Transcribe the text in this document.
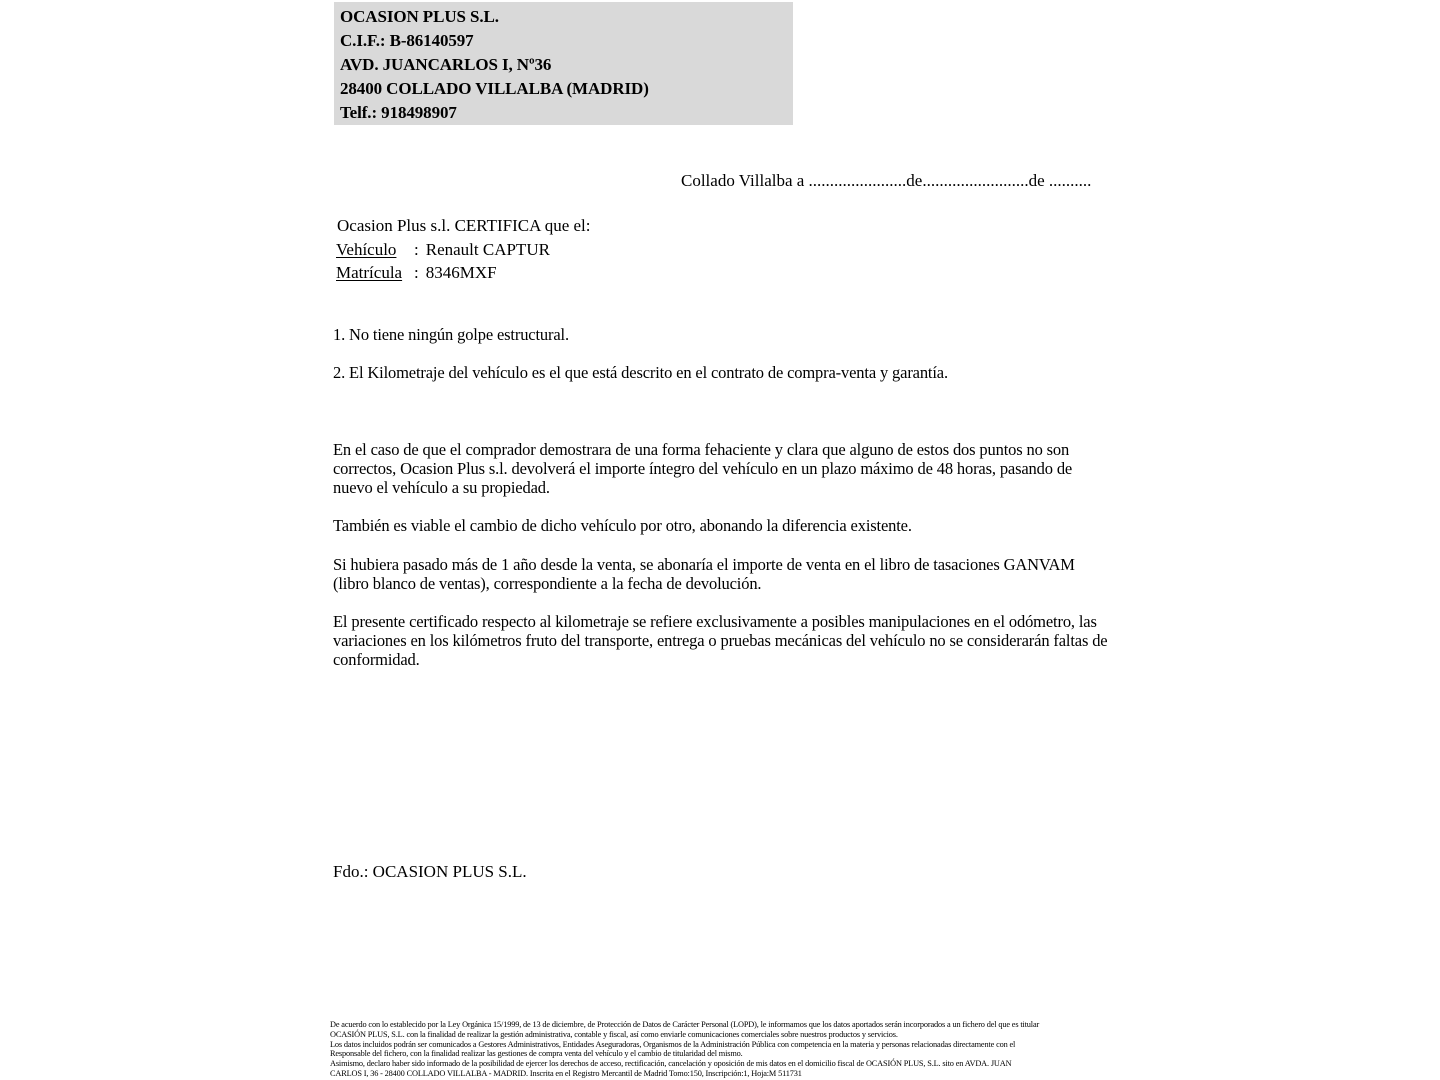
OCASION PLUS S.L.
C.I.F.: B-86140597
AVD. JUANCARLOS I, Nº36
28400 COLLADO VILLALBA (MADRID)
Telf.: 918498907
Collado Villalba a .......................de.........................de ..........
Ocasion Plus s.l. CERTIFICA que el:
Vehículo : Renault CAPTUR
Matrícula : 8346MXF
1. No tiene ningún golpe estructural.
2. El Kilometraje del vehículo es el que está descrito en el contrato de compra-venta y garantía.
En el caso de que el comprador demostrara de una forma fehaciente y clara que alguno de estos dos puntos no son correctos, Ocasion Plus s.l. devolverá el importe íntegro del vehículo en un plazo máximo de 48 horas, pasando de nuevo el vehículo a su propiedad.
También es viable el cambio de dicho vehículo por otro, abonando la diferencia existente.
Si hubiera pasado más de 1 año desde la venta, se abonaría el importe de venta en el libro de tasaciones GANVAM (libro blanco de ventas), correspondiente a la fecha de devolución.
El presente certificado respecto al kilometraje se refiere exclusivamente a posibles manipulaciones en el odómetro, las variaciones en los kilómetros fruto del transporte, entrega o pruebas mecánicas del vehículo no se considerarán faltas de conformidad.
Fdo.: OCASION PLUS S.L.
De acuerdo con lo establecido por la Ley Orgánica 15/1999, de 13 de diciembre, de Protección de Datos de Carácter Personal (LOPD), le informamos que los datos aportados serán incorporados a un fichero del que es titular
OCASIÓN PLUS, S.L. con la finalidad de realizar la gestión administrativa, contable y fiscal, así como enviarle comunicaciones comerciales sobre nuestros productos y servicios.
Los datos incluidos podrán ser comunicados a Gestores Administrativos, Entidades Aseguradoras, Organismos de la Administración Pública con competencia en la materia y personas relacionadas directamente con el
Responsable del fichero, con la finalidad realizar las gestiones de compra venta del vehículo y el cambio de titularidad del mismo.
Asimismo, declaro haber sido informado de la posibilidad de ejercer los derechos de acceso, rectificación, cancelación y oposición de mis datos en el domicilio fiscal de OCASIÓN PLUS, S.L. sito en AVDA. JUAN
CARLOS I, 36 - 28400 COLLADO VILLALBA - MADRID. Inscrita en el Registro Mercantil de Madrid Tomo:150, Inscripción:1, Hoja:M 511731
